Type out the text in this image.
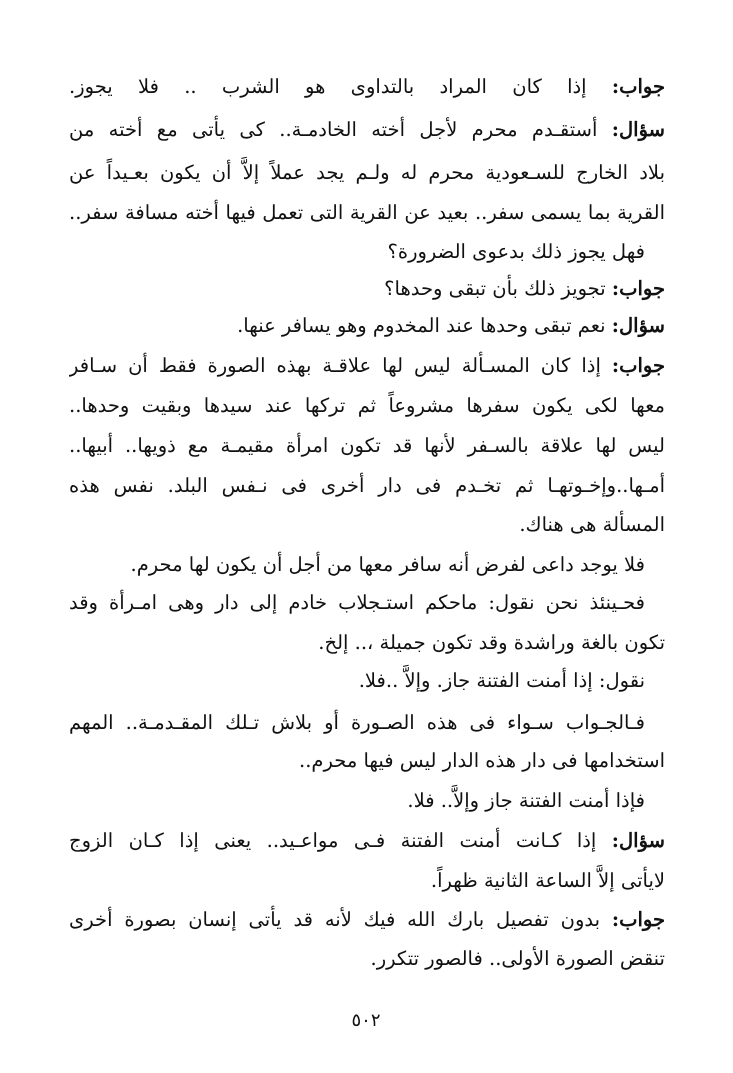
جواب: إذا كان المراد بالتداوى هو الشرب .. فلا يجوز.
سؤال: أستقـدم محرم لأجل أخته الخادمـة.. كى يأتى مع أخته من
بلاد الخارج للسـعودية محرم له ولـم يجد عملاً إلاَّ أن يكون بعـيداً عن
القرية بما يسمى سفر.. بعيد عن القرية التى تعمل فيها أخته مسافة سفر..
فهل يجوز ذلك بدعوى الضرورة؟
جواب: تجويز ذلك بأن تبقى وحدها؟
سؤال: نعم تبقى وحدها عند المخدوم وهو يسافر عنها.
جواب: إذا كان المسـألة ليس لها علاقـة بهذه الصورة فقط أن سـافر
معها لكى يكون سفرها مشروعاً ثم تركها عند سيدها وبقيت وحدها..
ليس لها علاقة بالسـفر لأنها قد تكون امرأة مقيمـة مع ذويها.. أبيها..
أمـها..وإخـوتهـا ثم تخـدم فى دار أخرى فى نـفس البلد. نفس هذه
المسألة هى هناك.
فلا يوجد داعى لفرض أنه سافر معها من أجل أن يكون لها محرم.
فحـينئذ نحن نقول: ماحكم استـجلاب خادم إلى دار وهى امـرأة وقد
تكون بالغة وراشدة وقد تكون جميلة ،.. إلخ.
نقول: إذا أمنت الفتنة جاز. وإلاَّ ..فلا.
فـالجـواب سـواء فى هذه الصـورة أو بلاش تـلك المقـدمـة.. المهم
استخدامها فى دار هذه الدار ليس فيها محرم..
فإذا أمنت الفتنة جاز وإلاَّ.. فلا.
سؤال: إذا كـانت أمنت الفتنة فـى مواعـيد.. يعنى إذا كـان الزوج
لايأتى إلاَّ الساعة الثانية ظهراً.
جواب: بدون تفصيل بارك الله فيك لأنه قد يأتى إنسان بصورة أخرى
تنقض الصورة الأولى.. فالصور تتكرر.
٥٠٢
